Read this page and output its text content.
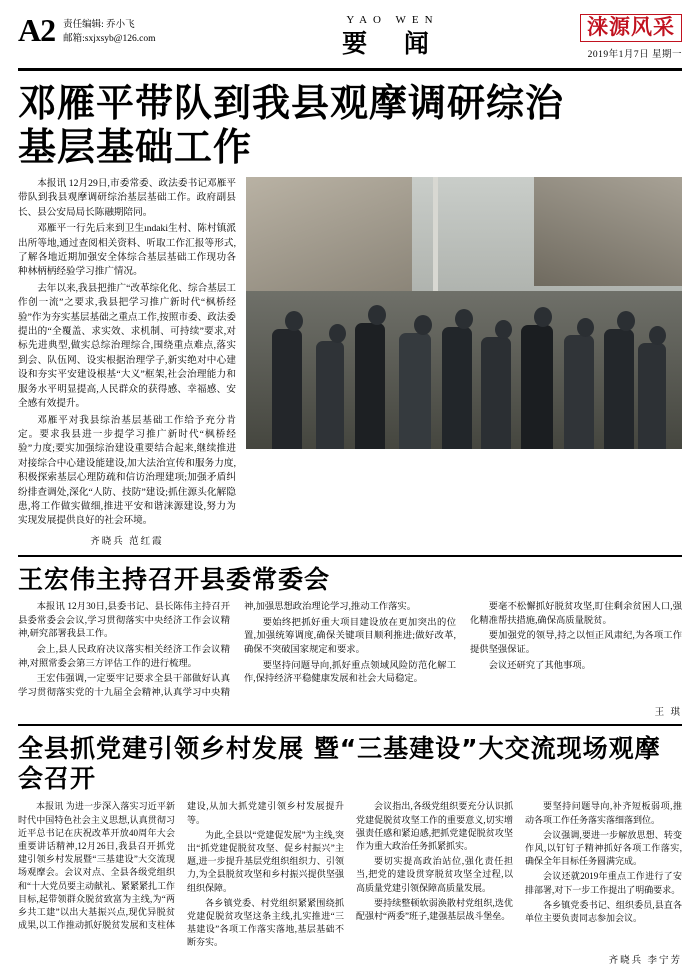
A2 责任编辑: 乔小飞
邮箱:sxjxsyb@126.com
YAO WEN
要 闻
涞源风采
2019年1月7日 星期一
邓雁平带队到我县观摩调研综治
基层基础工作

本报讯 12月29日,市委常委、政法委书记邓雁平带队到我县观摩调研综治基层基础工作。政府副县长、县公安局局长陈融期陪同。

邓雁平一行先后来到卫生ındaki生村、陈村镇派出所等地,通过查阅相关资料、听取工作汇报等形式,了解各地近期加强安全体综合基层基础工作现功各种林柄柄经验学习推广情况。

去年以来,我县把推广“改革综化化、综合基层工作创一流”之要求,我县把学习推广新时代“枫桥经验”作为夯实基层基础之重点工作,按照市委、政法委提出的“全覆盖、求实效、求机制、可持续”要求,对标先进典型,做实总综治理综合,围绕重点难点,落实到会、队伍网、设实根据治理学子,新实绝对中心建设和夯实平安建设根基“大义”框架,社会治理能力和服务水平明显提高,人民群众的获得感、幸福感、安全感有效提升。

邓雁平对我县综治基层基础工作给予充分肯定。要求我县进一步提学习推广新时代“枫桥经验”力度;要实加强综治建设重要结合起来,继续推进对接综合中心建设能建设,加大法治宣传和服务力度,积极探索基层心理防疏和信访治理建项;加强矛盾纠纷排查调处,深化“人防、技防”建设;抓住源头化解隐患,将工作做实做细,推进平安和谐涞源建设,努力为实现发展提供良好的社会环境。

齐晓兵 范红霞
王宏伟主持召开县委常委会

本报讯 12月30日,县委书记、县长陈伟主持召开县委常委会会议,学习贯彻落实中央经济工作会议精神,研究部署我县工作。

会上,县人民政府决议落实相关经济工作会议精神,对照常委会第三方评估工作的进行梳理。

王宏伟强调,一定要牢记要求全县干部做好认真学习贯彻落实党的十九届全会精神,认真学习中央精神,加强思想政治理论学习,推动工作落实。

要始终把抓好重大项目建设放在更加突出的位置,加强统筹调度,确保关键项目顺利推进;做好改革,确保不突破国家规定和要求。

要坚持问题导向,抓好重点领域风险防范化解工作,保持经济平稳健康发展和社会大局稳定。

要毫不松懈抓好脱贫攻坚,盯住剩余贫困人口,强化精准帮扶措施,确保高质量脱贫。

要加强党的领导,持之以恒正风肃纪,为各项工作提供坚强保证。

会议还研究了其他事项。

王 琪
全县抓党建引领乡村发展 暨“三基建设”大交流现场观摩会召开

本报讯 为进一步深入落实习近平新时代中国特色社会主义思想,认真贯彻习近平总书记在庆祝改革开放40周年大会重要讲话精神,12月26日,我县召开抓党建引领乡村发展暨“三基建设”大交流现场观摩会。会议对点、全县各级党组织和“十大党员要主动献礼、紧紧紧扎工作目标,起带领群众脱贫致富为主线,为“两乡共工建”以出大基振兴点,现优异脱贫成果,以工作推动抓好脱贫发展和支柱体建设,从加大抓党建引领乡村发展提升等。

为此,全县以“党建促发展”为主线,突出“抓党建促脱贫攻坚、促乡村振兴”主题,进一步提升基层党组织组织力、引领力,为全县脱贫攻坚和乡村振兴提供坚强组织保障。

各乡镇党委、村党组织紧紧围绕抓党建促脱贫攻坚这条主线,扎实推进“三基建设”各项工作落实落地,基层基础不断夯实。

会议指出,各级党组织要充分认识抓党建促脱贫攻坚工作的重要意义,切实增强责任感和紧迫感,把抓党建促脱贫攻坚作为重大政治任务抓紧抓实。

要切实提高政治站位,强化责任担当,把党的建设贯穿脱贫攻坚全过程,以高质量党建引领保障高质量发展。

要持续整顿软弱涣散村党组织,选优配强村“两委”班子,建强基层战斗堡垒。

要坚持问题导向,补齐短板弱项,推动各项工作任务落实落细落到位。

会议强调,要进一步解放思想、转变作风,以钉钉子精神抓好各项工作落实,确保全年目标任务圆满完成。

会议还就2019年重点工作进行了安排部署,对下一步工作提出了明确要求。

各乡镇党委书记、组织委员,县直各单位主要负责同志参加会议。

齐晓兵 李宁芳
